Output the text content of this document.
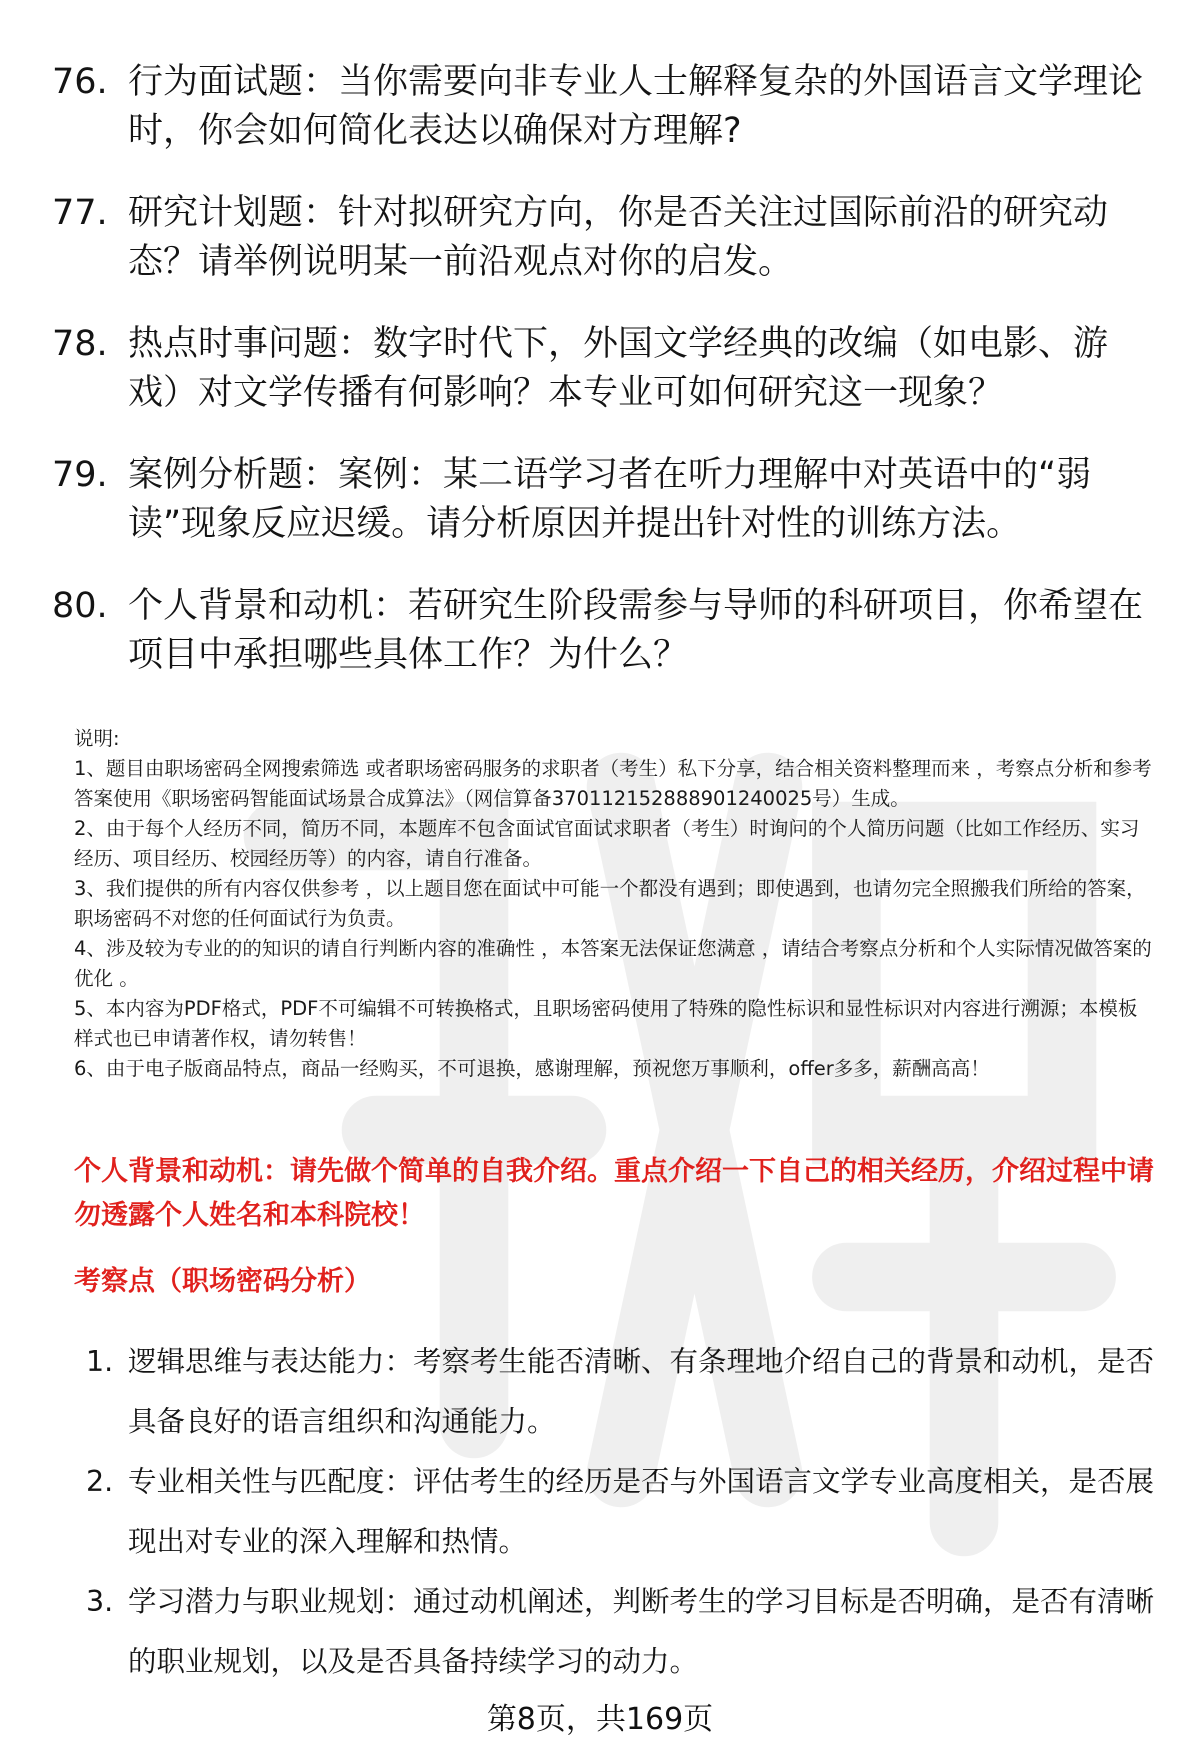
76. 行为面试题：当你需要向非专业人士解释复杂的外国语言文学理论时，你会如何简化表达以确保对方理解?
77. 研究计划题：针对拟研究方向，你是否关注过国际前沿的研究动态？请举例说明某一前沿观点对你的启发。
78. 热点时事问题：数字时代下，外国文学经典的改编（如电影、游戏）对文学传播有何影响？本专业可如何研究这一现象？
79. 案例分析题：案例：某二语学习者在听力理解中对英语中的“弱读”现象反应迟缓。请分析原因并提出针对性的训练方法。
80. 个人背景和动机：若研究生阶段需参与导师的科研项目，你希望在项目中承担哪些具体工作？为什么？

说明:

1、题目由职场密码全网搜索筛选 或者职场密码服务的求职者（考生）私下分享，结合相关资料整理而来 ，考察点分析和参考答案使用《职场密码智能面试场景合成算法》（网信算备370112152888901240025号）生成。

2、由于每个人经历不同，简历不同，本题库不包含面试官面试求职者（考生）时询问的个人简历问题（比如工作经历、实习经历、项目经历、校园经历等）的内容，请自行准备。

3、我们提供的所有内容仅供参考 ，以上题目您在面试中可能一个都没有遇到；即使遇到，也请勿完全照搬我们所给的答案，职场密码不对您的任何面试行为负责。

4、涉及较为专业的的知识的请自行判断内容的准确性 ，本答案无法保证您满意 ，请结合考察点分析和个人实际情况做答案的优化 。

5、本内容为PDF格式，PDF不可编辑不可转换格式，且职场密码使用了特殊的隐性标识和显性标识对内容进行溯源；本模板样式也已申请著作权，请勿转售！

6、由于电子版商品特点，商品一经购买，不可退换，感谢理解，预祝您万事顺利，offer多多，薪酬高高！

个人背景和动机：请先做个简单的自我介绍。重点介绍一下自己的相关经历，介绍过程中请勿透露个人姓名和本科院校！
考察点（职场密码分析）
1. 逻辑思维与表达能力：考察考生能否清晰、有条理地介绍自己的背景和动机，是否具备良好的语言组织和沟通能力。
2. 专业相关性与匹配度：评估考生的经历是否与外国语言文学专业高度相关，是否展现出对专业的深入理解和热情。
3. 学习潜力与职业规划：通过动机阐述，判断考生的学习目标是否明确，是否有清晰的职业规划，以及是否具备持续学习的动力。
第8页，共169页
